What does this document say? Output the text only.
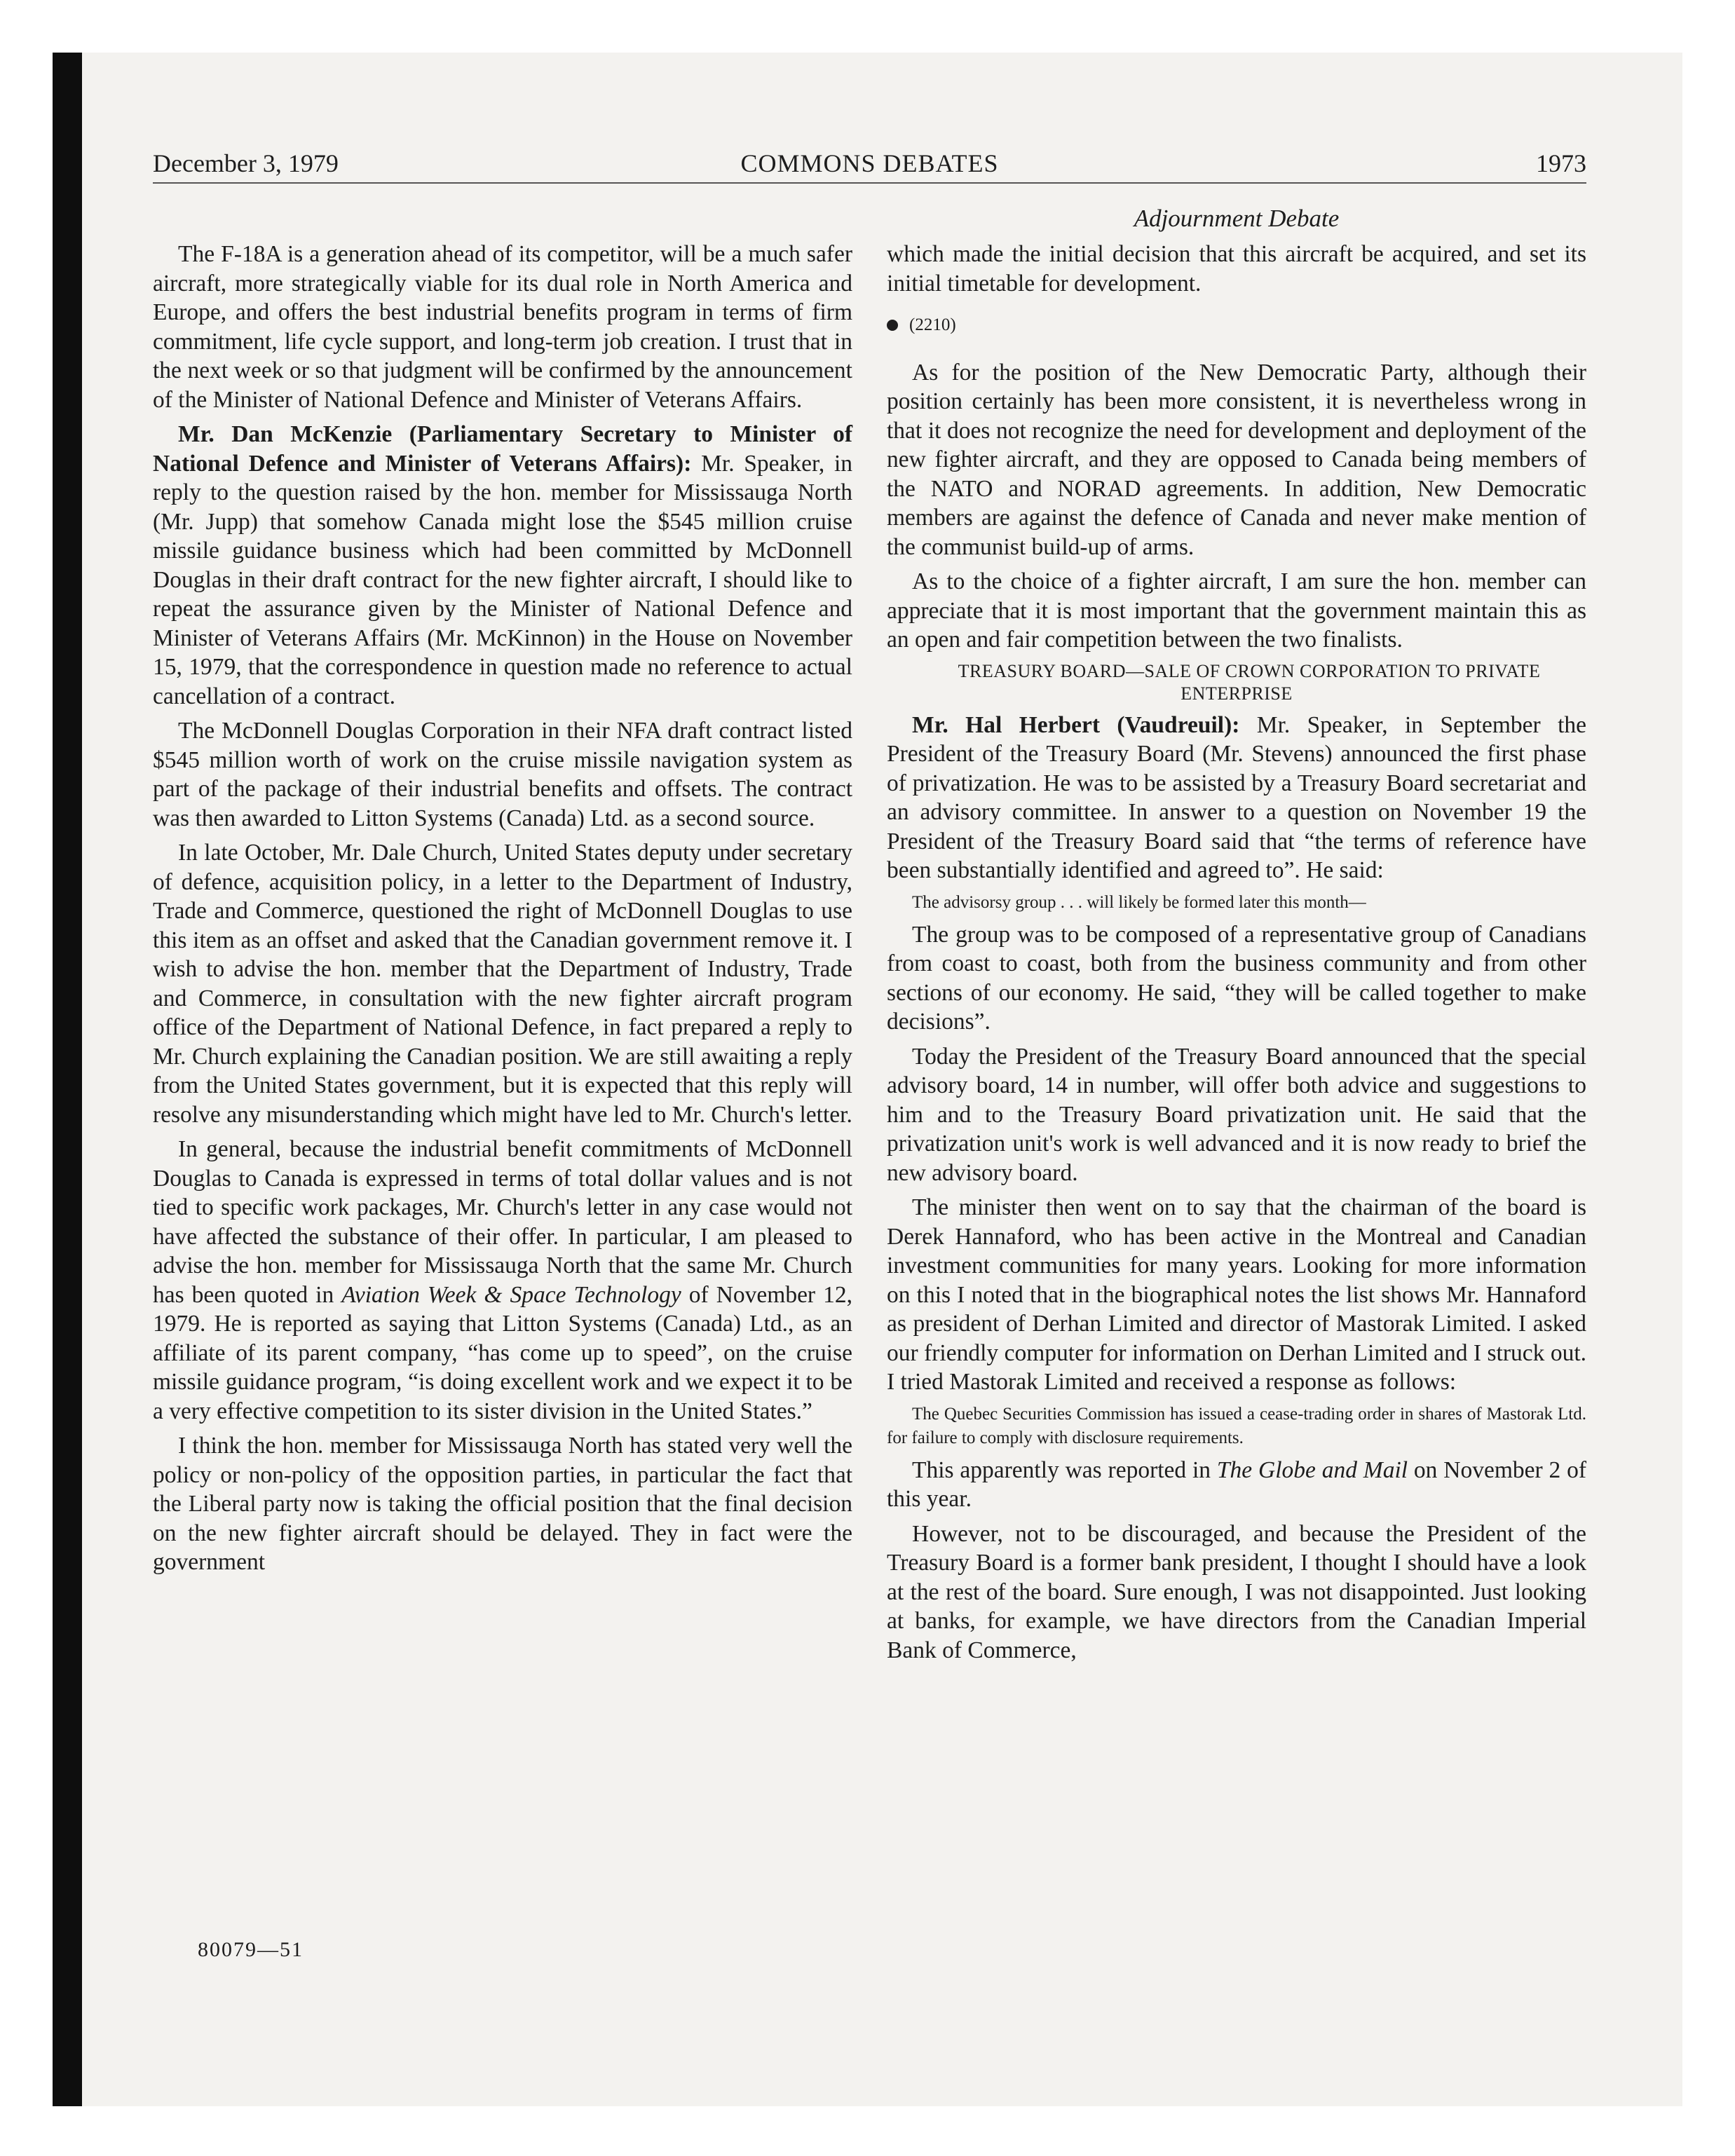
December 3, 1979	COMMONS DEBATES	1973
Adjournment Debate

The F-18A is a generation ahead of its competitor, will be a much safer aircraft, more strategically viable for its dual role in North America and Europe, and offers the best industrial benefits program in terms of firm commitment, life cycle support, and long-term job creation. I trust that in the next week or so that judgment will be confirmed by the announcement of the Minister of National Defence and Minister of Veterans Affairs.

Mr. Dan McKenzie (Parliamentary Secretary to Minister of National Defence and Minister of Veterans Affairs): Mr. Speaker, in reply to the question raised by the hon. member for Mississauga North (Mr. Jupp) that somehow Canada might lose the $545 million cruise missile guidance business which had been committed by McDonnell Douglas in their draft contract for the new fighter aircraft, I should like to repeat the assurance given by the Minister of National Defence and Minister of Veterans Affairs (Mr. McKinnon) in the House on November 15, 1979, that the correspondence in question made no reference to actual cancellation of a contract.

The McDonnell Douglas Corporation in their NFA draft contract listed $545 million worth of work on the cruise missile navigation system as part of the package of their industrial benefits and offsets. The contract was then awarded to Litton Systems (Canada) Ltd. as a second source.

In late October, Mr. Dale Church, United States deputy under secretary of defence, acquisition policy, in a letter to the Department of Industry, Trade and Commerce, questioned the right of McDonnell Douglas to use this item as an offset and asked that the Canadian government remove it. I wish to advise the hon. member that the Department of Industry, Trade and Commerce, in consultation with the new fighter aircraft program office of the Department of National Defence, in fact prepared a reply to Mr. Church explaining the Canadian position. We are still awaiting a reply from the United States government, but it is expected that this reply will resolve any misunderstanding which might have led to Mr. Church's letter.

In general, because the industrial benefit commitments of McDonnell Douglas to Canada is expressed in terms of total dollar values and is not tied to specific work packages, Mr. Church's letter in any case would not have affected the substance of their offer. In particular, I am pleased to advise the hon. member for Mississauga North that the same Mr. Church has been quoted in Aviation Week & Space Technology of November 12, 1979. He is reported as saying that Litton Systems (Canada) Ltd., as an affiliate of its parent company, “has come up to speed”, on the cruise missile guidance program, “is doing excellent work and we expect it to be a very effective competition to its sister division in the United States.”

I think the hon. member for Mississauga North has stated very well the policy or non-policy of the opposition parties, in particular the fact that the Liberal party now is taking the official position that the final decision on the new fighter aircraft should be delayed. They in fact were the government

which made the initial decision that this aircraft be acquired, and set its initial timetable for development.

(2210)

As for the position of the New Democratic Party, although their position certainly has been more consistent, it is nevertheless wrong in that it does not recognize the need for development and deployment of the new fighter aircraft, and they are opposed to Canada being members of the NATO and NORAD agreements. In addition, New Democratic members are against the defence of Canada and never make mention of the communist build-up of arms.

As to the choice of a fighter aircraft, I am sure the hon. member can appreciate that it is most important that the government maintain this as an open and fair competition between the two finalists.

TREASURY BOARD—SALE OF CROWN CORPORATION TO PRIVATE ENTERPRISE

Mr. Hal Herbert (Vaudreuil): Mr. Speaker, in September the President of the Treasury Board (Mr. Stevens) announced the first phase of privatization. He was to be assisted by a Treasury Board secretariat and an advisory committee. In answer to a question on November 19 the President of the Treasury Board said that “the terms of reference have been substantially identified and agreed to”. He said:

The advisorsy group . . . will likely be formed later this month—

The group was to be composed of a representative group of Canadians from coast to coast, both from the business community and from other sections of our economy. He said, “they will be called together to make decisions”.

Today the President of the Treasury Board announced that the special advisory board, 14 in number, will offer both advice and suggestions to him and to the Treasury Board privatization unit. He said that the privatization unit's work is well advanced and it is now ready to brief the new advisory board.

The minister then went on to say that the chairman of the board is Derek Hannaford, who has been active in the Montreal and Canadian investment communities for many years. Looking for more information on this I noted that in the biographical notes the list shows Mr. Hannaford as president of Derhan Limited and director of Mastorak Limited. I asked our friendly computer for information on Derhan Limited and I struck out. I tried Mastorak Limited and received a response as follows:

The Quebec Securities Commission has issued a cease-trading order in shares of Mastorak Ltd. for failure to comply with disclosure requirements.

This apparently was reported in The Globe and Mail on November 2 of this year.

However, not to be discouraged, and because the President of the Treasury Board is a former bank president, I thought I should have a look at the rest of the board. Sure enough, I was not disappointed. Just looking at banks, for example, we have directors from the Canadian Imperial Bank of Commerce,

80079—51
